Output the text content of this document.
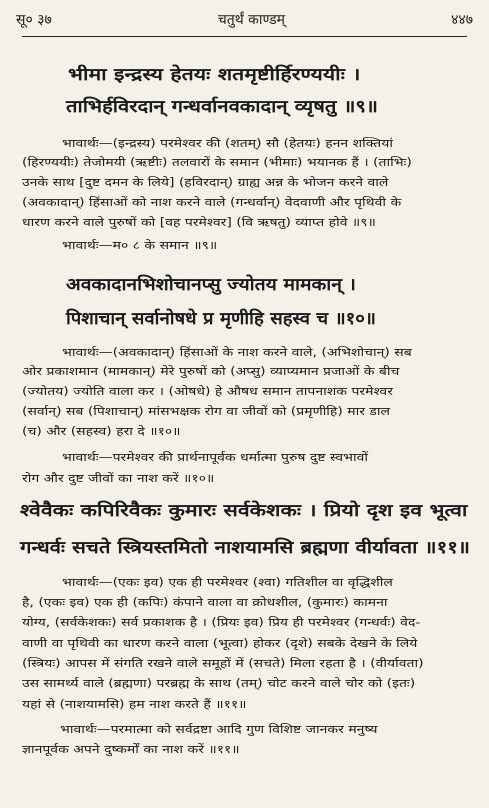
सू० ३७	चतुर्थं काण्डम्	४४७
भीमा इन्द्रस्य हेतयः शतमृष्टीर्हिरण्ययीः ।
ताभिर्हविरदान् गन्धर्वानवकादान् व्यृषतु ॥९॥
भावार्थः—(इन्द्रस्य) परमेश्वर की (शतम्) सौ (हेतयः) हनन शक्तियां
(हिरण्ययीः) तेजोमयी (ऋष्टीः) तलवारों के समान (भीमाः) भयानक हैं । (ताभिः)
उनके साथ [दुष्ट दमन के लिये] (हविरदान्) ग्राह्य अन्न के भोजन करने वाले
(अवकादान्) हिंसाओं को नाश करने वाले (गन्धर्वान्) वेदवाणी और पृथिवी के
धारण करने वाले पुरुषों को [वह परमेश्वर] (वि ऋषतु) व्याप्त होवे ॥९॥
भावार्थः—म० ८ के समान ॥९॥
अवकादानभिशोचानप्सु ज्योतय मामकान् ।
पिशाचान् सर्वानोषधे प्र मृणीहि सहस्व च ॥१०॥
भावार्थः—(अवकादान्) हिंसाओं के नाश करने वाले, (अभिशोचान्) सब
ओर प्रकाशमान (मामकान्) मेरे पुरुषों को (अप्सु) व्याप्यमान प्रजाओं के बीच
(ज्योतय) ज्योति वाला कर । (ओषधे) हे औषध समान तापनाशक परमेश्वर
(सर्वान्) सब (पिशाचान्) मांसभक्षक रोग वा जीवों को (प्रमृणीहि) मार डाल
(च) और (सहस्व) हरा दे ॥१०॥
भावार्थः—परमेश्वर की प्रार्थनापूर्वक धर्मात्मा पुरुष दुष्ट स्वभावों
रोग और दुष्ट जीवों का नाश करें ॥१०॥
श्वेवैकः कपिरिवैकः कुमारः सर्वकेशकः । प्रियो दृश इव भूत्वा
गन्धर्वः सचते स्त्रियस्तमितो नाशयामसि ब्रह्मणा वीर्यावता ॥११॥
भावार्थः—(एकः इव) एक ही परमेश्वर (श्वा) गतिशील वा वृद्धिशील
है, (एकः इव) एक ही (कपिः) कंपाने वाला वा क्रोधशील, (कुमारः) कामना
योग्य, (सर्वकेशकः) सर्व प्रकाशक है । (प्रियः इव) प्रिय ही परमेश्वर (गन्धर्वः) वेद-
वाणी वा पृथिवी का धारण करने वाला (भूत्वा) होकर (दृशे) सबके देखने के लिये
(स्त्रियः) आपस में संगति रखने वाले समूहों में (सचते) मिला रहता है । (वीर्यावता)
उस सामर्थ्य वाले (ब्रह्मणा) परब्रह्म के साथ (तम्) चोट करने वाले चोर को (इतः)
यहां से (नाशयामसि) हम नाश करते हैं ॥११॥
भावार्थः—परमात्मा को सर्वद्रष्टा आदि गुण विशिष्ट जानकर मनुष्य
ज्ञानपूर्वक अपने दुष्कर्मों का नाश करें ॥११॥
